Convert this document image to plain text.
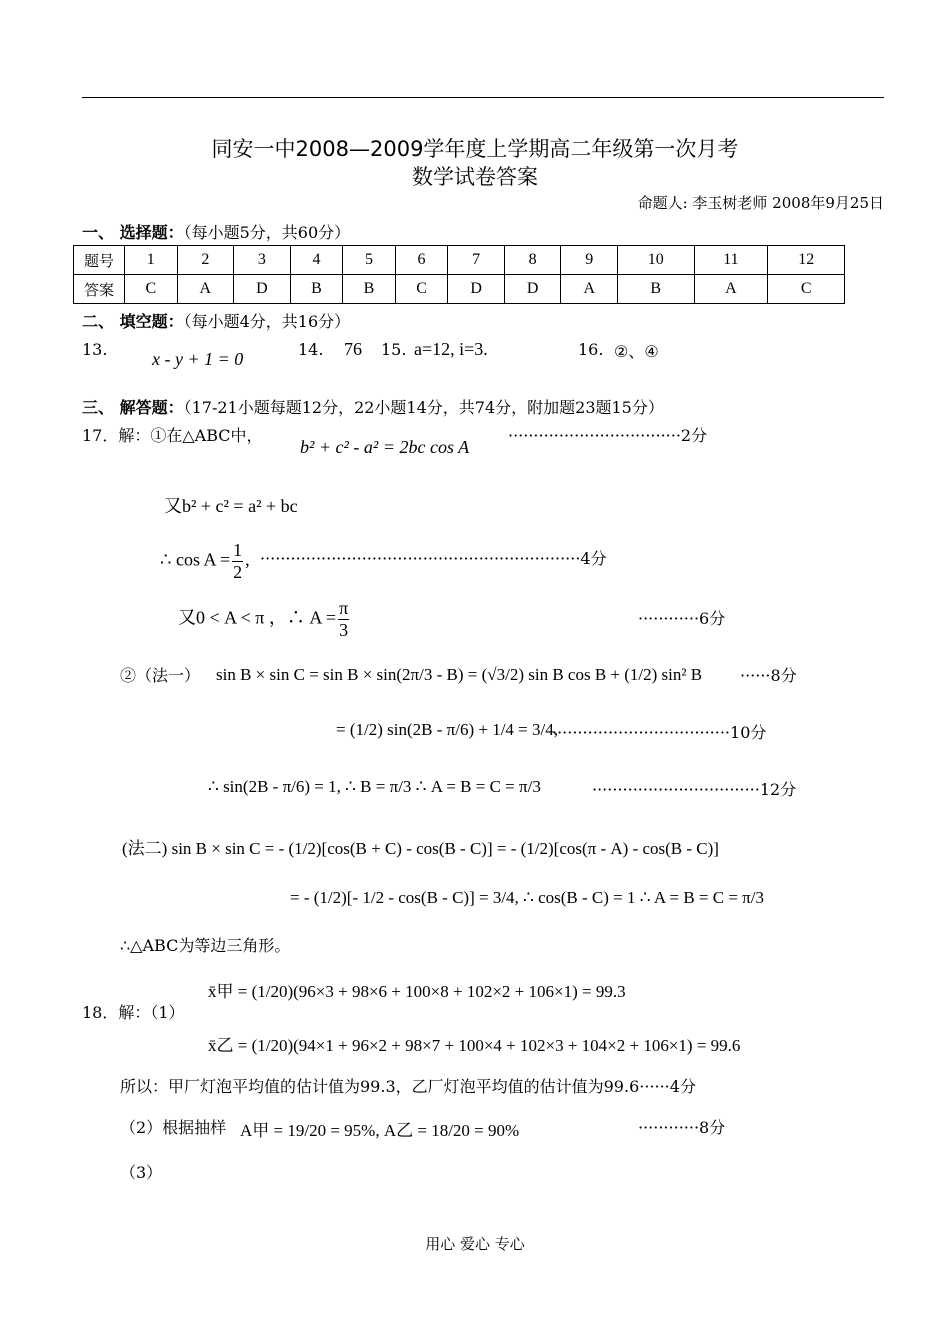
同安一中2008—2009学年度上学期高二年级第一次月考
数学试卷答案
命题人: 李玉树老师 2008年9月25日
一、 选择题：（每小题5分，共60分）
题号	1	2	3	4	5	6	7	8	9	10	11	12
答案	C	A	D	B	B	C	D	D	A	B	A	C
二、 填空题：（每小题4分，共16分）
13. x - y + 1 = 0	14. 76 15. a=12, i=3.	16. ②、④
三、 解答题：（17-21小题每题12分，22小题14分，共74分，附加题23题15分）
17．解：①在△ABC中，
b² + c² - a² = 2bc cos A
··································2分
又b² + c² = a² + bc
∴ $\cos A = \frac{1}{2}$ , ·······························································4分
又0 < A < π ，∴ $A = \frac{\pi}{3}$	············6分
②（法一） sin B × sin C = sin B × sin(2π/3 - B) = (√3/2) sin B cos B + (1/2) sin² B ······8分
= (1/2) sin(2B - π/6) + 1/4 = 3/4,
···································10分
∴ sin(2B - π/6) = 1, ∴ B = π/3 ∴ A = B = C = π/3	·································12分
(法二) sin B × sin C = - (1/2)[cos(B + C) - cos(B - C)] = - (1/2)[cos(π - A) - cos(B - C)]
= - (1/2)[- 1/2 - cos(B - C)] = 3/4, ∴ cos(B - C) = 1 ∴ A = B = C = π/3
∴△ABC为等边三角形。
x̄甲 = (1/20)(96×3 + 98×6 + 100×8 + 102×2 + 106×1) = 99.3
18．解：（1）
x̄乙 = (1/20)(94×1 + 96×2 + 98×7 + 100×4 + 102×3 + 104×2 + 106×1) = 99.6
所以：甲厂灯泡平均值的估计值为99.3，乙厂灯泡平均值的估计值为99.6······4分
（2）根据抽样 A甲 = 19/20 = 95%, A乙 = 18/20 = 90%	············8分
（3）
用心 爱心 专心
